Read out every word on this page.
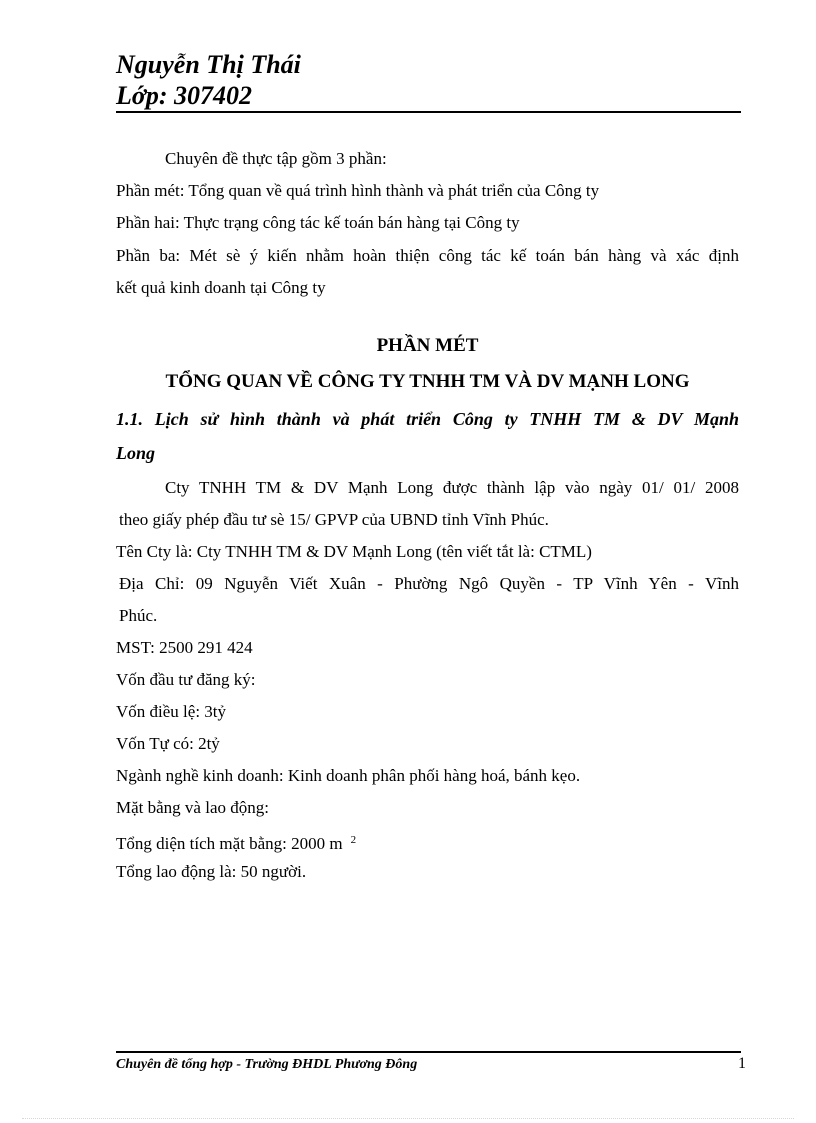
Nguyễn Thị Thái
Lớp: 307402
Chuyên đề thực tập gồm 3 phần:
Phần mét: Tổng quan về quá trình hình thành và phát triển của Công ty
Phần hai: Thực trạng công tác kế toán bán hàng tại Công ty
Phần ba: Mét sè ý kiến nhằm hoàn thiện công tác kế toán bán hàng và xác định
kết quả kinh doanh tại Công ty
PHẦN MÉT
TỔNG QUAN VỀ CÔNG TY TNHH TM VÀ DV MẠNH LONG
1.1. Lịch sử hình thành và phát triển Công ty TNHH TM & DV Mạnh
Long
Cty TNHH TM & DV Mạnh Long được thành lập vào ngày 01/ 01/ 2008
theo giấy phép đầu tư sè 15/ GPVP của UBND tỉnh Vĩnh Phúc.
Tên Cty là: Cty TNHH TM & DV Mạnh Long (tên viết tắt là: CTML)
Địa Chỉ: 09 Nguyễn Viết Xuân - Phường Ngô Quyền - TP Vĩnh Yên - Vĩnh
Phúc.
MST: 2500 291 424
Vốn đầu tư đăng ký:
Vốn điều lệ: 3tỷ
Vốn Tự có: 2tỷ
Ngành nghề kinh doanh: Kinh doanh phân phối hàng hoá, bánh kẹo.
Mặt bằng và lao động:
Tổng diện tích mặt bằng: 2000 m $^2$
Tổng lao động là: 50 người.
Chuyên đề tổng hợp - Trường ĐHDL Phương Đông	1
